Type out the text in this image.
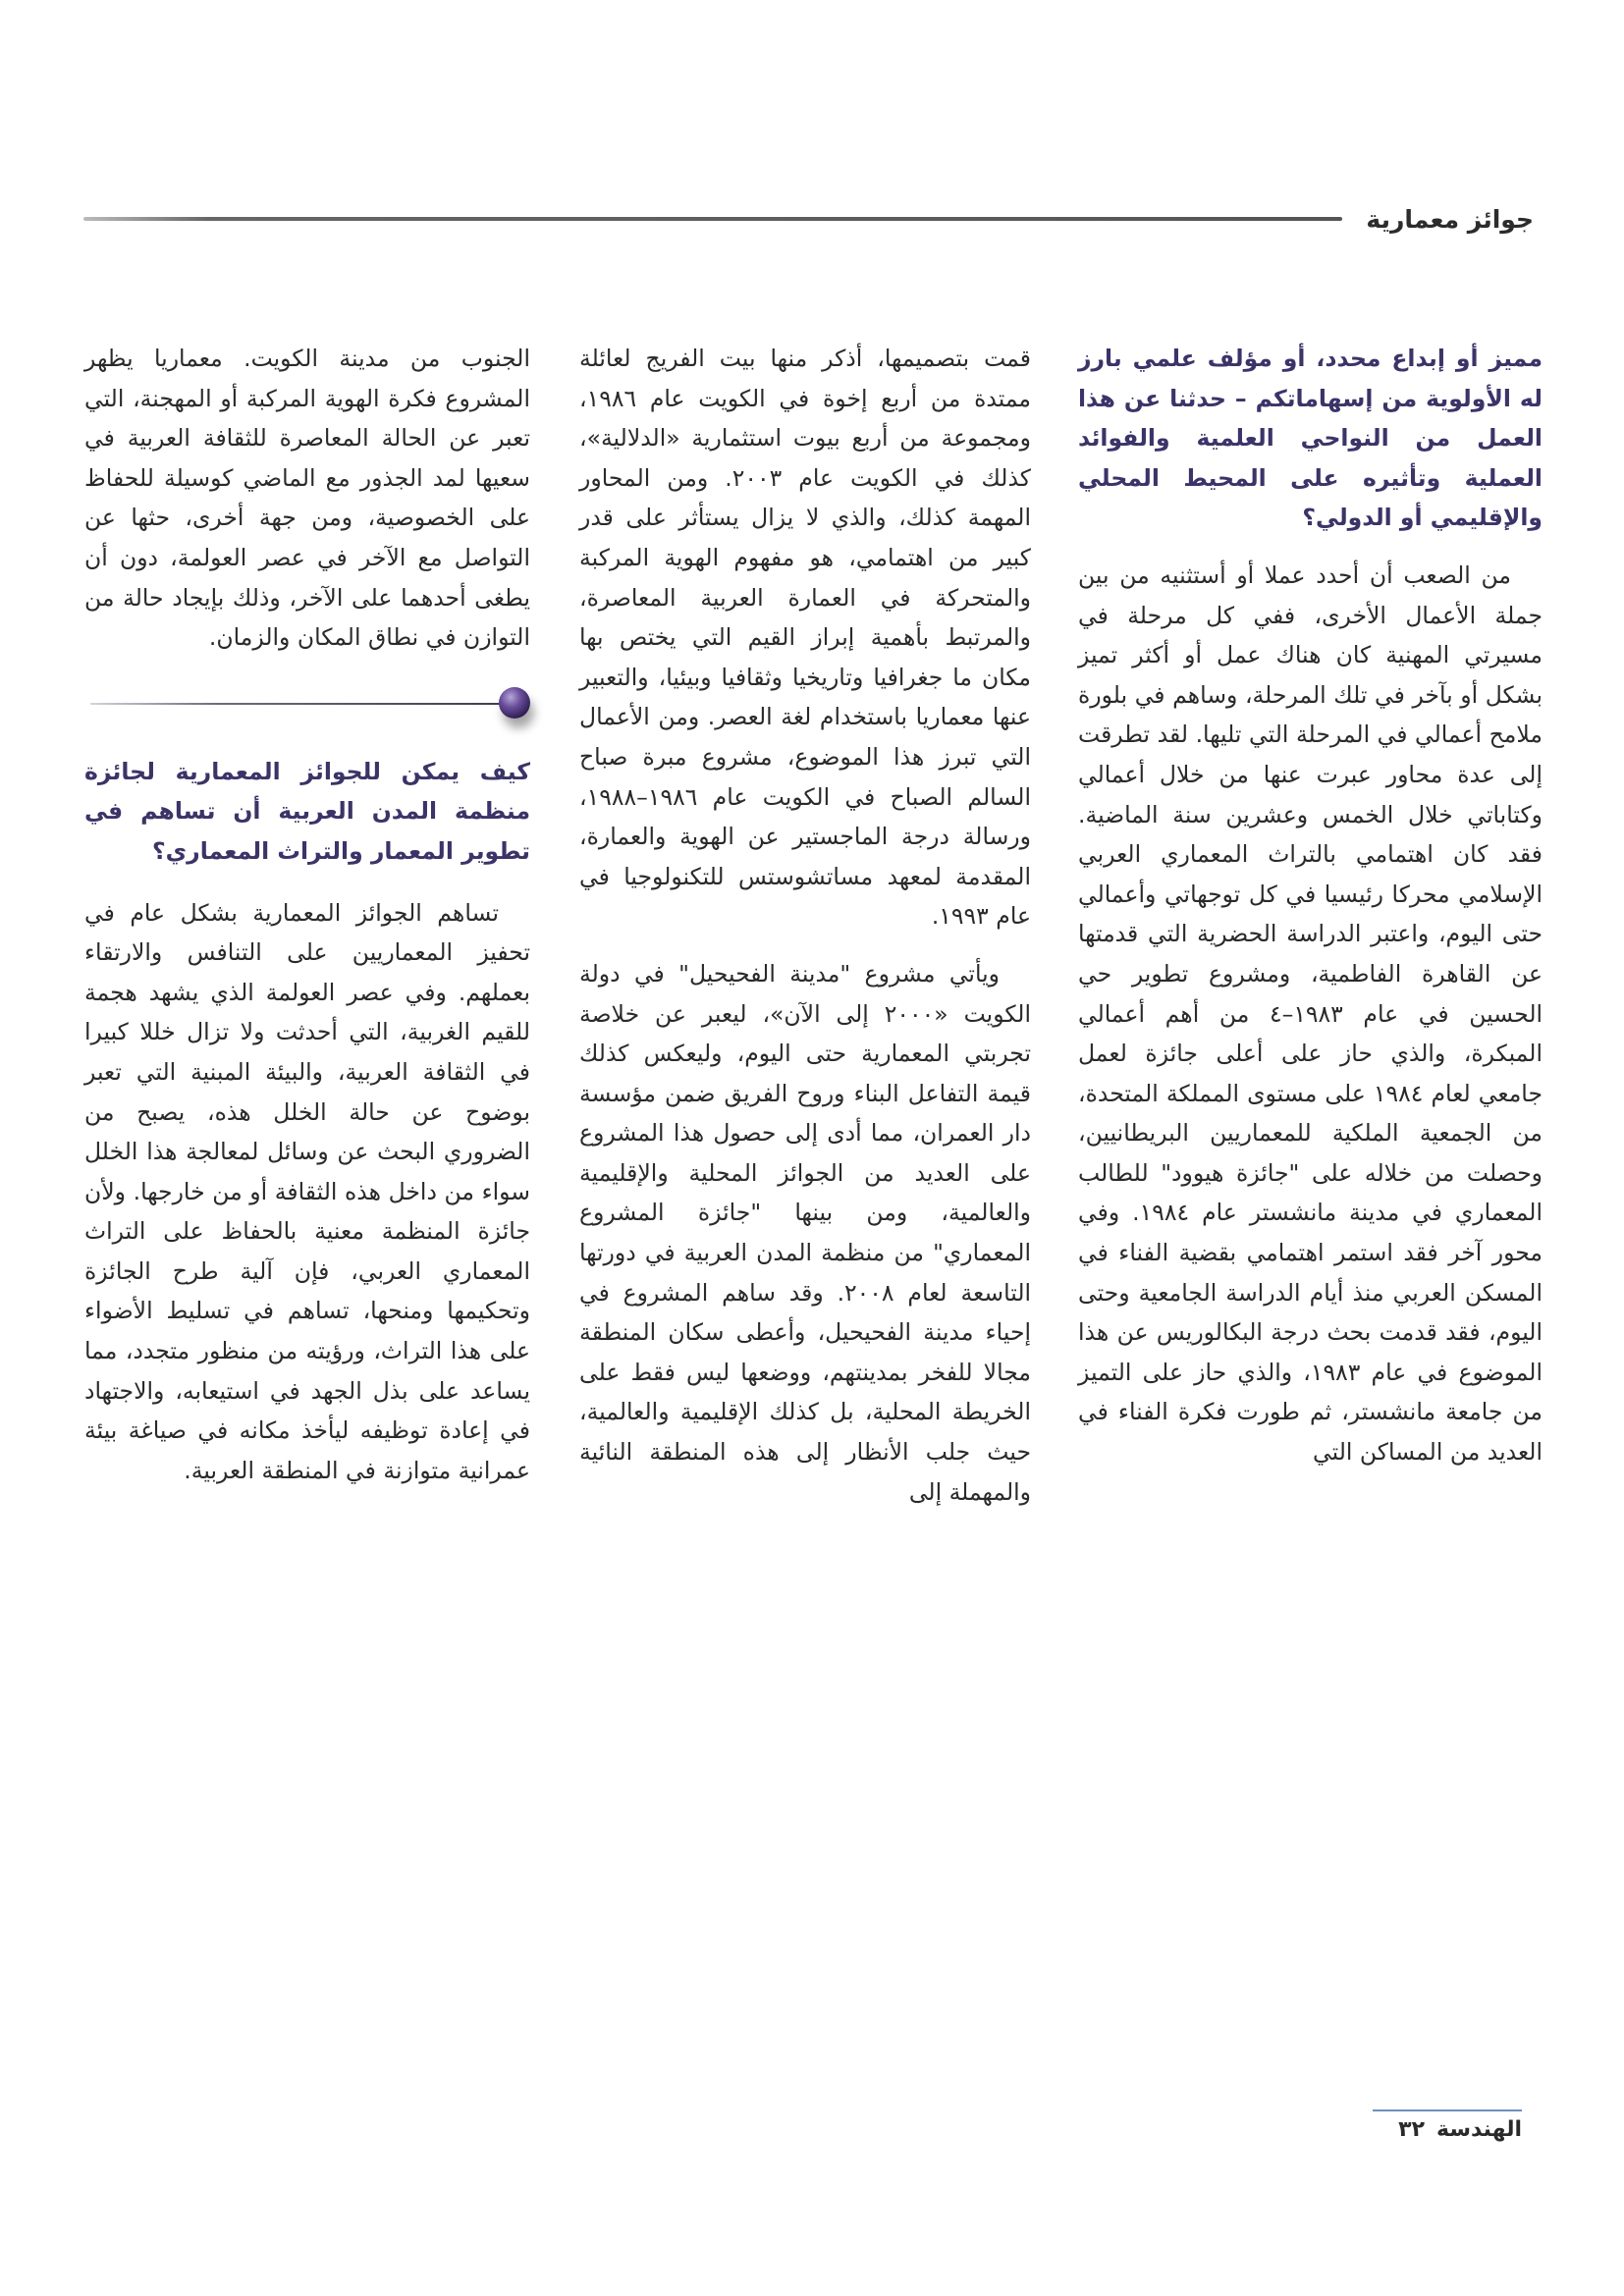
جوائز معمارية

مميز أو إبداع محدد، أو مؤلف علمي بارز له الأولوية من إسهاماتكم – حدثنا عن هذا العمل من النواحي العلمية والفوائد العملية وتأثيره على المحيط المحلي والإقليمي أو الدولي؟

من الصعب أن أحدد عملا أو أستثنيه من بين جملة الأعمال الأخرى، ففي كل مرحلة في مسيرتي المهنية كان هناك عمل أو أكثر تميز بشكل أو بآخر في تلك المرحلة، وساهم في بلورة ملامح أعمالي في المرحلة التي تليها. لقد تطرقت إلى عدة محاور عبرت عنها من خلال أعمالي وكتاباتي خلال الخمس وعشرين سنة الماضية. فقد كان اهتمامي بالتراث المعماري العربي الإسلامي محركا رئيسيا في كل توجهاتي وأعمالي حتى اليوم، واعتبر الدراسة الحضرية التي قدمتها عن القاهرة الفاطمية، ومشروع تطوير حي الحسين في عام ١٩٨٣–٤ من أهم أعمالي المبكرة، والذي حاز على أعلى جائزة لعمل جامعي لعام ١٩٨٤ على مستوى المملكة المتحدة، من الجمعية الملكية للمعماريين البريطانيين، وحصلت من خلاله على "جائزة هيوود" للطالب المعماري في مدينة مانشستر عام ١٩٨٤. وفي محور آخر فقد استمر اهتمامي بقضية الفناء في المسكن العربي منذ أيام الدراسة الجامعية وحتى اليوم، فقد قدمت بحث درجة البكالوريس عن هذا الموضوع في عام ١٩٨٣، والذي حاز على التميز من جامعة مانشستر، ثم طورت فكرة الفناء في العديد من المساكن التي

قمت بتصميمها، أذكر منها بيت الفريج لعائلة ممتدة من أربع إخوة في الكويت عام ١٩٨٦، ومجموعة من أربع بيوت استثمارية «الدلالية»، كذلك في الكويت عام ٢٠٠٣. ومن المحاور المهمة كذلك، والذي لا يزال يستأثر على قدر كبير من اهتمامي، هو مفهوم الهوية المركبة والمتحركة في العمارة العربية المعاصرة، والمرتبط بأهمية إبراز القيم التي يختص بها مكان ما جغرافيا وتاريخيا وثقافيا وبيئيا، والتعبير عنها معماريا باستخدام لغة العصر. ومن الأعمال التي تبرز هذا الموضوع، مشروع مبرة صباح السالم الصباح في الكويت عام ١٩٨٦–١٩٨٨، ورسالة درجة الماجستير عن الهوية والعمارة، المقدمة لمعهد مساتشوستس للتكنولوجيا في عام ١٩٩٣.

ويأتي مشروع "مدينة الفحيحيل" في دولة الكويت «٢٠٠٠ إلى الآن»، ليعبر عن خلاصة تجربتي المعمارية حتى اليوم، وليعكس كذلك قيمة التفاعل البناء وروح الفريق ضمن مؤسسة دار العمران، مما أدى إلى حصول هذا المشروع على العديد من الجوائز المحلية والإقليمية والعالمية، ومن بينها "جائزة المشروع المعماري" من منظمة المدن العربية في دورتها التاسعة لعام ٢٠٠٨. وقد ساهم المشروع في إحياء مدينة الفحيحيل، وأعطى سكان المنطقة مجالا للفخر بمدينتهم، ووضعها ليس فقط على الخريطة المحلية، بل كذلك الإقليمية والعالمية، حيث جلب الأنظار إلى هذه المنطقة النائية والمهملة إلى

الجنوب من مدينة الكويت. معماريا يظهر المشروع فكرة الهوية المركبة أو المهجنة، التي تعبر عن الحالة المعاصرة للثقافة العربية في سعيها لمد الجذور مع الماضي كوسيلة للحفاظ على الخصوصية، ومن جهة أخرى، حثها عن التواصل مع الآخر في عصر العولمة، دون أن يطغى أحدهما على الآخر، وذلك بإيجاد حالة من التوازن في نطاق المكان والزمان.

كيف يمكن للجوائز المعمارية لجائزة منظمة المدن العربية أن تساهم في تطوير المعمار والتراث المعماري؟

تساهم الجوائز المعمارية بشكل عام في تحفيز المعماريين على التنافس والارتقاء بعملهم. وفي عصر العولمة الذي يشهد هجمة للقيم الغربية، التي أحدثت ولا تزال خللا كبيرا في الثقافة العربية، والبيئة المبنية التي تعبر بوضوح عن حالة الخلل هذه، يصبح من الضروري البحث عن وسائل لمعالجة هذا الخلل سواء من داخل هذه الثقافة أو من خارجها. ولأن جائزة المنظمة معنية بالحفاظ على التراث المعماري العربي، فإن آلية طرح الجائزة وتحكيمها ومنحها، تساهم في تسليط الأضواء على هذا التراث، ورؤيته من منظور متجدد، مما يساعد على بذل الجهد في استيعابه، والاجتهاد في إعادة توظيفه ليأخذ مكانه في صياغة بيئة عمرانية متوازنة في المنطقة العربية.

الهندسة
٣٢
